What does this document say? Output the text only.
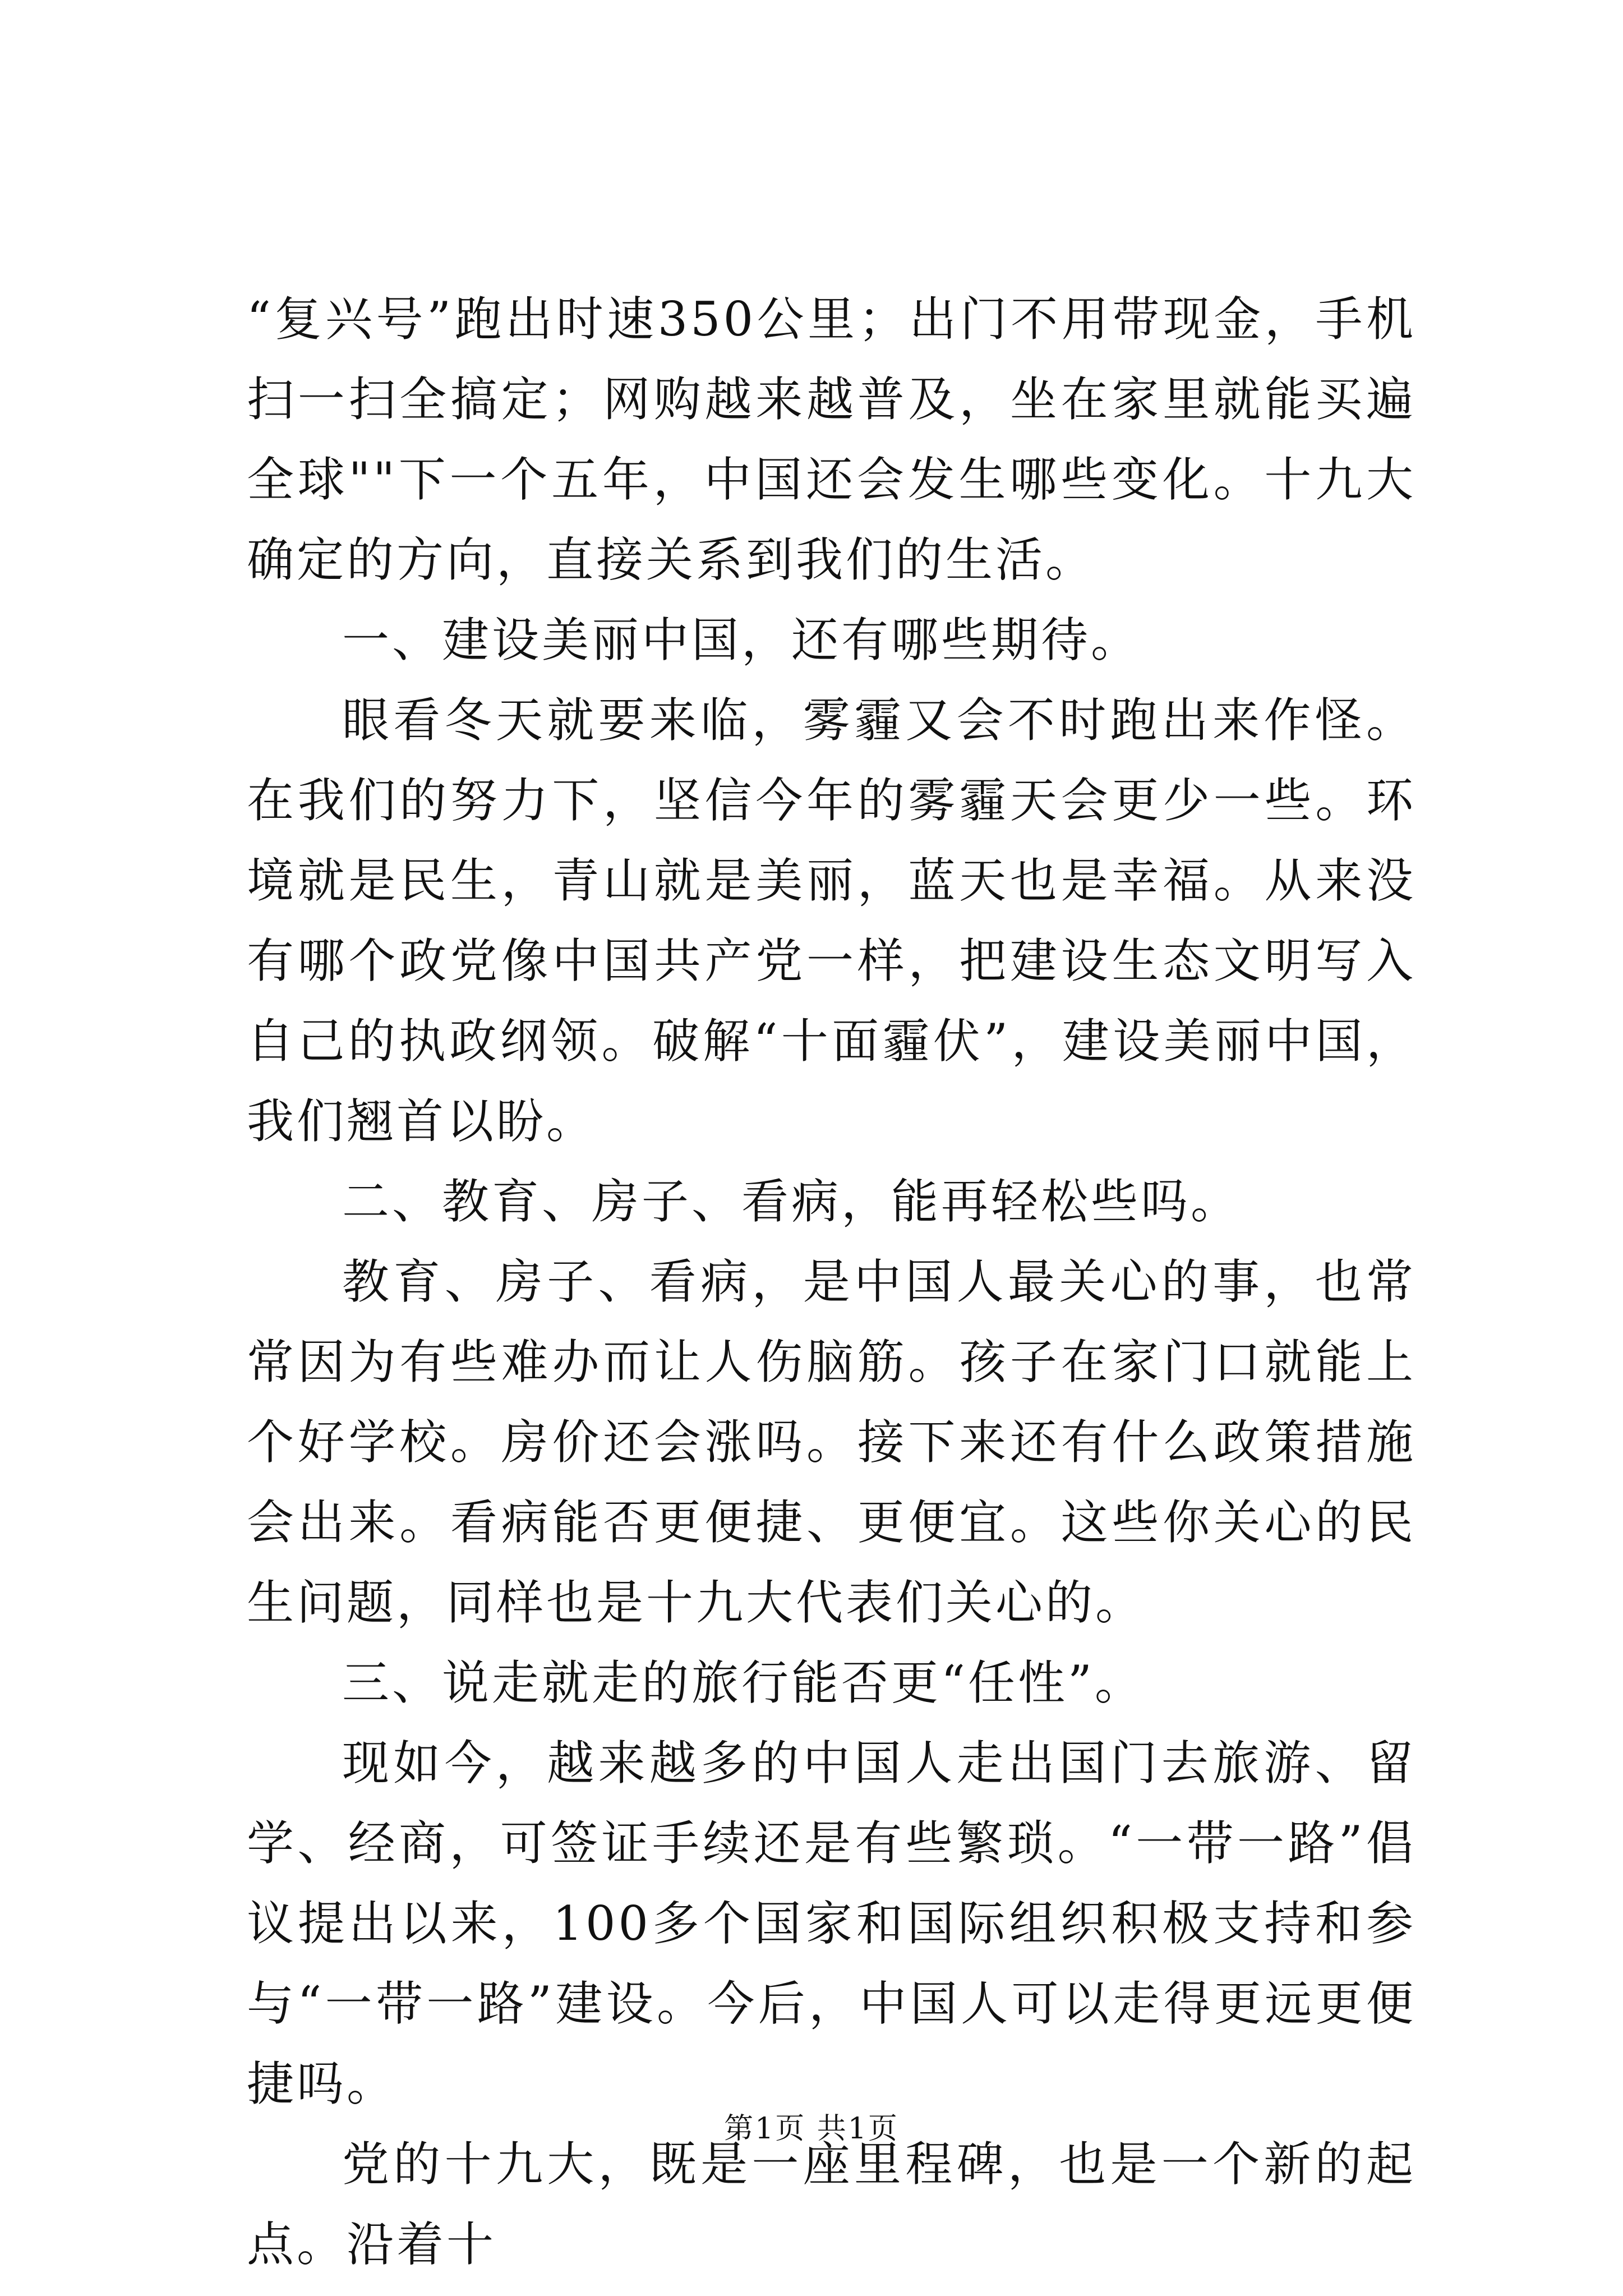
“复兴号”跑出时速350公里；出门不用带现金，手机扫一扫全搞定；网购越来越普及，坐在家里就能买遍全球""下一个五年，中国还会发生哪些变化。十九大确定的方向，直接关系到我们的生活。

一、建设美丽中国，还有哪些期待。

眼看冬天就要来临，雾霾又会不时跑出来作怪。在我们的努力下，坚信今年的雾霾天会更少一些。环境就是民生，青山就是美丽，蓝天也是幸福。从来没有哪个政党像中国共产党一样，把建设生态文明写入自己的执政纲领。破解“十面霾伏”，建设美丽中国，我们翘首以盼。

二、教育、房子、看病，能再轻松些吗。

教育、房子、看病，是中国人最关心的事，也常常因为有些难办而让人伤脑筋。孩子在家门口就能上个好学校。房价还会涨吗。接下来还有什么政策措施会出来。看病能否更便捷、更便宜。这些你关心的民生问题，同样也是十九大代表们关心的。

三、说走就走的旅行能否更“任性”。

现如今，越来越多的中国人走出国门去旅游、留学、经商，可签证手续还是有些繁琐。“一带一路”倡议提出以来，100多个国家和国际组织积极支持和参与“一带一路”建设。今后，中国人可以走得更远更便捷吗。

党的十九大，既是一座里程碑，也是一个新的起点。沿着十

第1页 共1页
